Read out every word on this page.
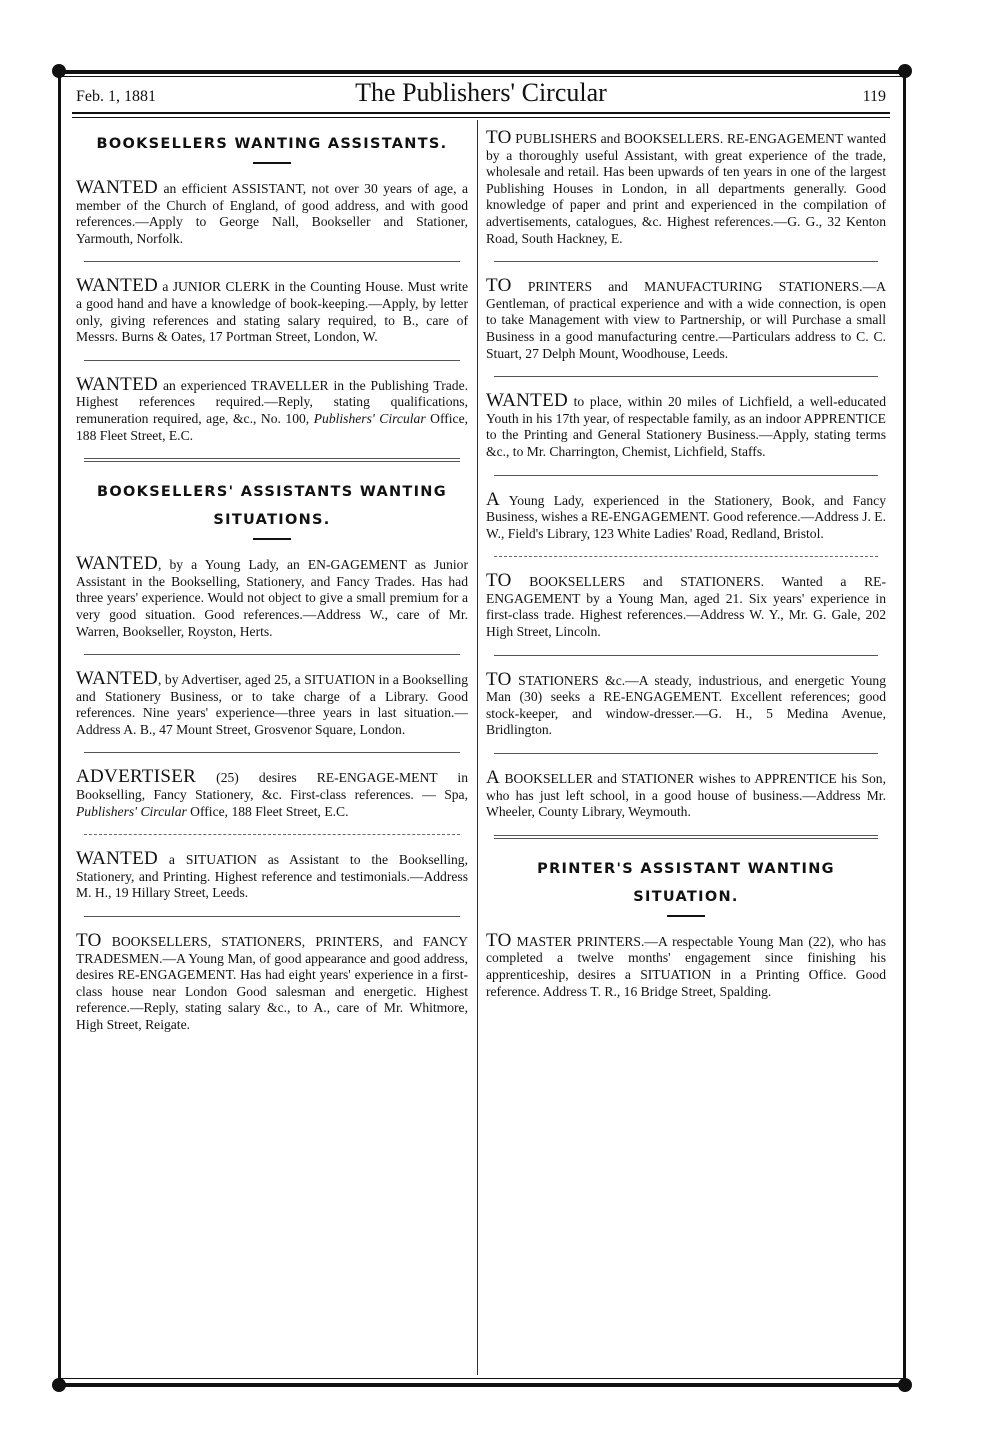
Feb. 1, 1881	The Publishers' Circular	119
BOOKSELLERS WANTING ASSISTANTS.

WANTED an efficient ASSISTANT, not over 30 years of age, a member of the Church of England, of good address, and with good references.—Apply to George Nall, Bookseller and Stationer, Yarmouth, Norfolk.

WANTED a JUNIOR CLERK in the Counting House. Must write a good hand and have a knowledge of book-keeping.—Apply, by letter only, giving references and stating salary required, to B., care of Messrs. Burns & Oates, 17 Portman Street, London, W.

WANTED an experienced TRAVELLER in the Publishing Trade. Highest references required.—Reply, stating qualifications, remuneration required, age, &c., No. 100, Publishers' Circular Office, 188 Fleet Street, E.C.

BOOKSELLERS' ASSISTANTS WANTING SITUATIONS.

WANTED, by a Young Lady, an EN-GAGEMENT as Junior Assistant in the Bookselling, Stationery, and Fancy Trades. Has had three years' experience. Would not object to give a small premium for a very good situation. Good references.—Address W., care of Mr. Warren, Bookseller, Royston, Herts.

WANTED, by Advertiser, aged 25, a SITUATION in a Bookselling and Stationery Business, or to take charge of a Library. Good references. Nine years' experience—three years in last situation.—Address A. B., 47 Mount Street, Grosvenor Square, London.

ADVERTISER (25) desires RE-ENGAGE-MENT in Bookselling, Fancy Stationery, &c. First-class references. — Spa, Publishers' Circular Office, 188 Fleet Street, E.C.

WANTED a SITUATION as Assistant to the Bookselling, Stationery, and Printing. Highest reference and testimonials.—Address M. H., 19 Hillary Street, Leeds.

TO BOOKSELLERS, STATIONERS, PRINTERS, and FANCY TRADESMEN.—A Young Man, of good appearance and good address, desires RE-ENGAGEMENT. Has had eight years' experience in a first-class house near London Good salesman and energetic. Highest reference.—Reply, stating salary &c., to A., care of Mr. Whitmore, High Street, Reigate.

TO PUBLISHERS and BOOKSELLERS. RE-ENGAGEMENT wanted by a thoroughly useful Assistant, with great experience of the trade, wholesale and retail. Has been upwards of ten years in one of the largest Publishing Houses in London, in all departments generally. Good knowledge of paper and print and experienced in the compilation of advertisements, catalogues, &c. Highest references.—G. G., 32 Kenton Road, South Hackney, E.

TO PRINTERS and MANUFACTURING STATIONERS.—A Gentleman, of practical experience and with a wide connection, is open to take Management with view to Partnership, or will Purchase a small Business in a good manufacturing centre.—Particulars address to C. C. Stuart, 27 Delph Mount, Woodhouse, Leeds.

WANTED to place, within 20 miles of Lichfield, a well-educated Youth in his 17th year, of respectable family, as an indoor APPRENTICE to the Printing and General Stationery Business.—Apply, stating terms &c., to Mr. Charrington, Chemist, Lichfield, Staffs.

A Young Lady, experienced in the Stationery, Book, and Fancy Business, wishes a RE-ENGAGEMENT. Good reference.—Address J. E. W., Field's Library, 123 White Ladies' Road, Redland, Bristol.

TO BOOKSELLERS and STATIONERS. Wanted a RE-ENGAGEMENT by a Young Man, aged 21. Six years' experience in first-class trade. Highest references.—Address W. Y., Mr. G. Gale, 202 High Street, Lincoln.

TO STATIONERS &c.—A steady, industrious, and energetic Young Man (30) seeks a RE-ENGAGEMENT. Excellent references; good stock-keeper, and window-dresser.—G. H., 5 Medina Avenue, Bridlington.

A BOOKSELLER and STATIONER wishes to APPRENTICE his Son, who has just left school, in a good house of business.—Address Mr. Wheeler, County Library, Weymouth.

PRINTER'S ASSISTANT WANTING SITUATION.

TO MASTER PRINTERS.—A respectable Young Man (22), who has completed a twelve months' engagement since finishing his apprenticeship, desires a SITUATION in a Printing Office. Good reference. Address T. R., 16 Bridge Street, Spalding.
